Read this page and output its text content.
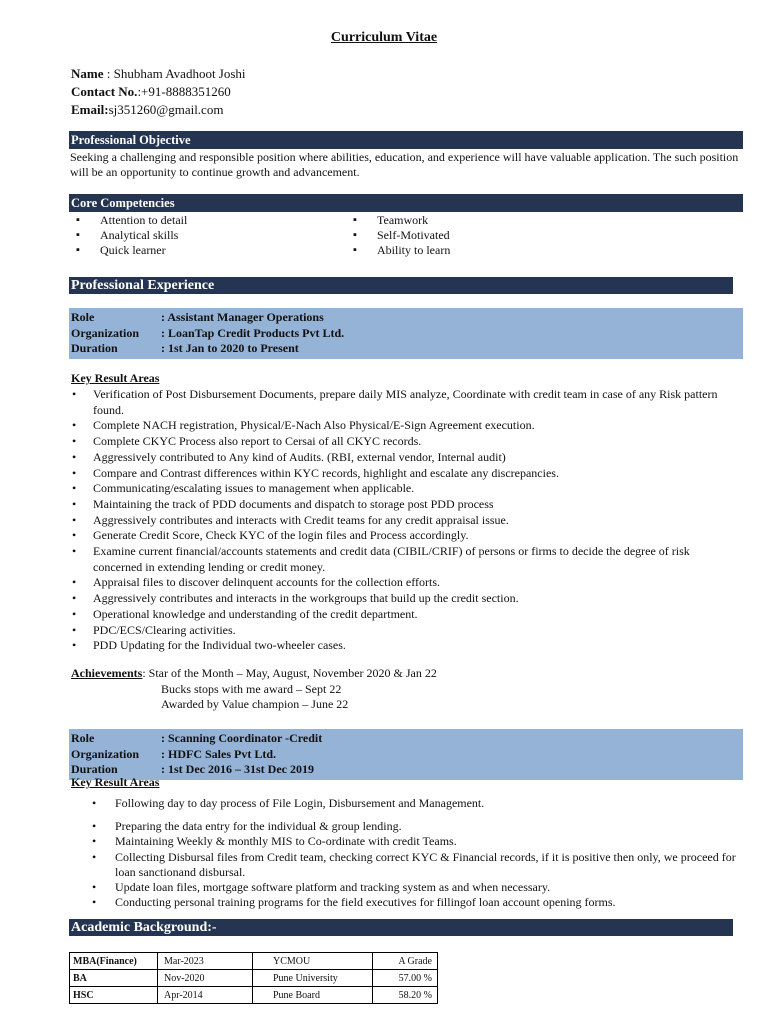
Curriculum Vitae
Name : Shubham Avadhoot Joshi
Contact No.:+91-8888351260
Email:sj351260@gmail.com
Professional Objective
Seeking a challenging and responsible position where abilities, education, and experience will have valuable application. The such position will be an opportunity to continue growth and advancement.
Core Competencies
▪ Attention to detail
▪ Analytical skills
▪ Quick learner
▪ Teamwork
▪ Self-Motivated
▪ Ability to learn
Professional Experience
Role	: Assistant Manager Operations
Organization	: LoanTap Credit Products Pvt Ltd.
Duration	: 1st Jan to 2020 to Present
Key Result Areas
• Verification of Post Disbursement Documents, prepare daily MIS analyze, Coordinate with credit team in case of any Risk pattern found.
• Complete NACH registration, Physical/E-Nach Also Physical/E-Sign Agreement execution.
• Complete CKYC Process also report to Cersai of all CKYC records.
• Aggressively contributed to Any kind of Audits. (RBI, external vendor, Internal audit)
• Compare and Contrast differences within KYC records, highlight and escalate any discrepancies.
• Communicating/escalating issues to management when applicable.
• Maintaining the track of PDD documents and dispatch to storage post PDD process
• Aggressively contributes and interacts with Credit teams for any credit appraisal issue.
• Generate Credit Score, Check KYC of the login files and Process accordingly.
• Examine current financial/accounts statements and credit data (CIBIL/CRIF) of persons or firms to decide the degree of risk concerned in extending lending or credit money.
• Appraisal files to discover delinquent accounts for the collection efforts.
• Aggressively contributes and interacts in the workgroups that build up the credit section.
• Operational knowledge and understanding of the credit department.
• PDC/ECS/Clearing activities.
• PDD Updating for the Individual two-wheeler cases.
Achievements: Star of the Month – May, August, November 2020 & Jan 22
Bucks stops with me award – Sept 22
Awarded by Value champion – June 22
Role	: Scanning Coordinator -Credit
Organization	: HDFC Sales Pvt Ltd.
Duration	: 1st Dec 2016 – 31st Dec 2019
Key Result Areas
• Following day to day process of File Login, Disbursement and Management.
• Preparing the data entry for the individual & group lending.
• Maintaining Weekly & monthly MIS to Co-ordinate with credit Teams.
• Collecting Disbursal files from Credit team, checking correct KYC & Financial records, if it is positive then only, we proceed for loan sanctionand disbursal.
• Update loan files, mortgage software platform and tracking system as and when necessary.
• Conducting personal training programs for the field executives for fillingof loan account opening forms.
Academic Background:-
MBA(Finance)	Mar-2023	YCMOU	A Grade
BA	Nov-2020	Pune University	57.00 %
HSC	Apr-2014	Pune Board	58.20 %
